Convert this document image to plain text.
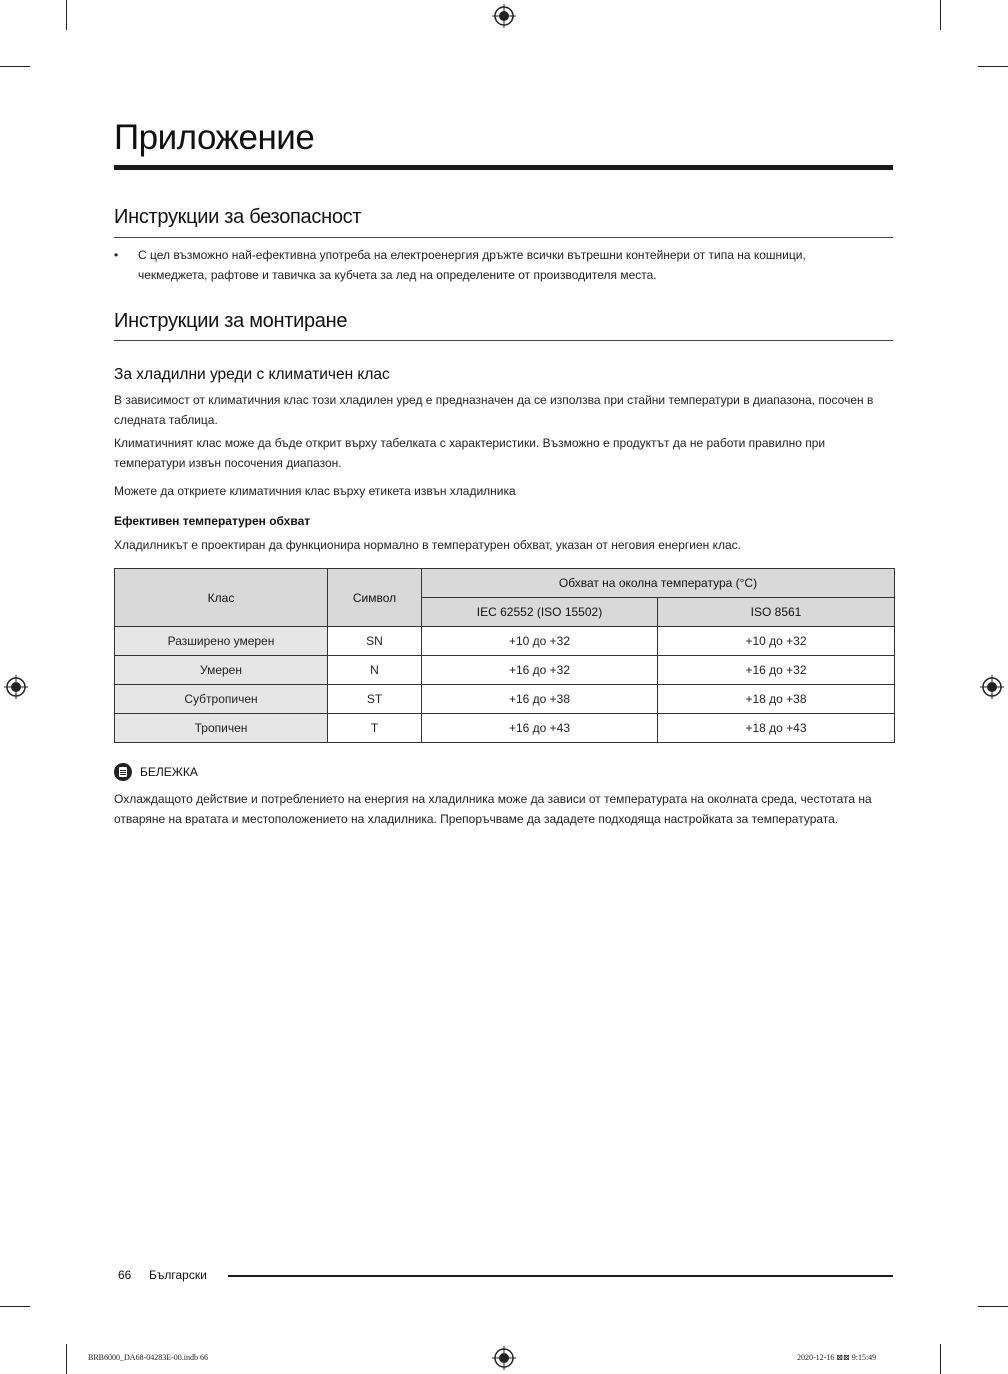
Приложение
Инструкции за безопасност
• С цел възможно най-ефективна употреба на електроенергия дръжте всички вътрешни контейнери от типа на кошници, чекмеджета, рафтове и тавичка за кубчета за лед на определените от производителя места.
Инструкции за монтиране
За хладилни уреди с климатичен клас
В зависимост от климатичния клас този хладилен уред е предназначен да се използва при стайни температури в диапазона, посочен в следната таблица.
Климатичният клас може да бъде открит върху табелката с характеристики. Възможно е продуктът да не работи правилно при температури извън посочения диапазон.
Можете да откриете климатичния клас върху етикета извън хладилника
Ефективен температурен обхват
Хладилникът е проектиран да функционира нормално в температурен обхват, указан от неговия енергиен клас.
Клас	Символ	Обхват на околна температура (°C)	
		IEC 62552 (ISO 15502)	ISO 8561
Разширено умерен	SN	+10 до +32	+10 до +32
Умерен	N	+16 до +32	+16 до +32
Субтропичен	ST	+16 до +38	+18 до +38
Тропичен	T	+16 до +43	+18 до +43
БЕЛЕЖКА
Охлаждащото действие и потреблението на енергия на хладилника може да зависи от температурата на околната среда, честотата на отваряне на вратата и местоположението на хладилника. Препоръчваме да зададете подходяща настройката за температурата.
66 Български
BRB6000_DA68-04283E-00.indb 66	2020-12-16 ⊠⊠ 9:15:49
